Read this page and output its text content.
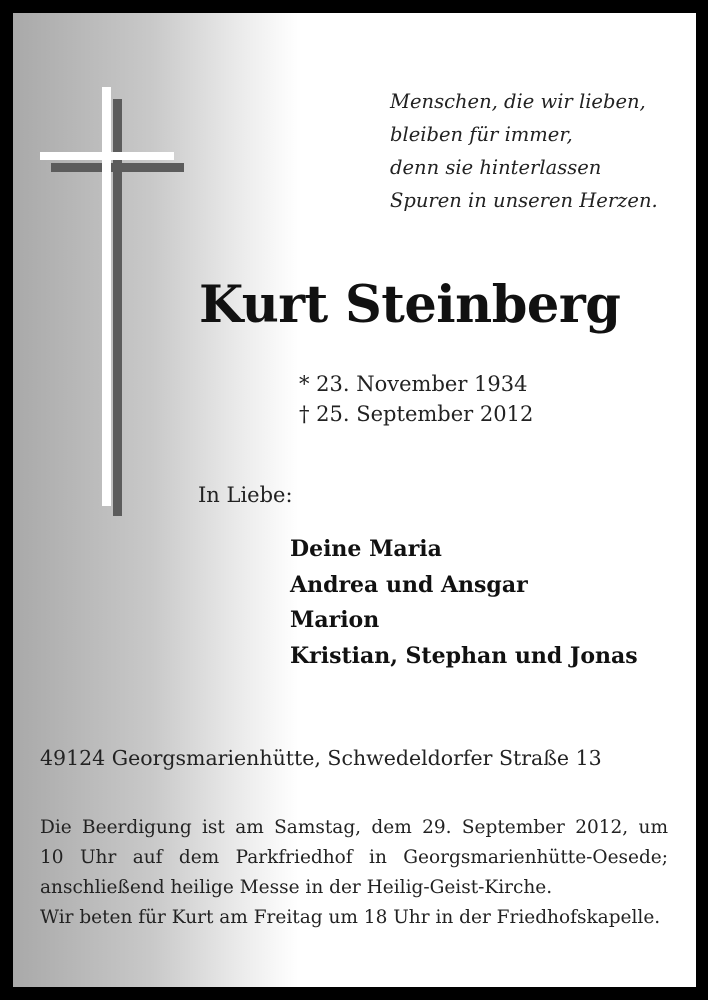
Menschen, die wir lieben,
bleiben für immer,
denn sie hinterlassen
Spuren in unseren Herzen.
Kurt Steinberg
* 23. November 1934
† 25. September 2012
In Liebe:
Deine Maria
Andrea und Ansgar
Marion
Kristian, Stephan und Jonas
49124 Georgsmarienhütte, Schwedeldorfer Straße 13
Die Beerdigung ist am Samstag, dem 29. September 2012, um
10 Uhr auf dem Parkfriedhof in Georgsmarienhütte-Oesede;
anschließend heilige Messe in der Heilig-Geist-Kirche.
Wir beten für Kurt am Freitag um 18 Uhr in der Friedhofskapelle.
